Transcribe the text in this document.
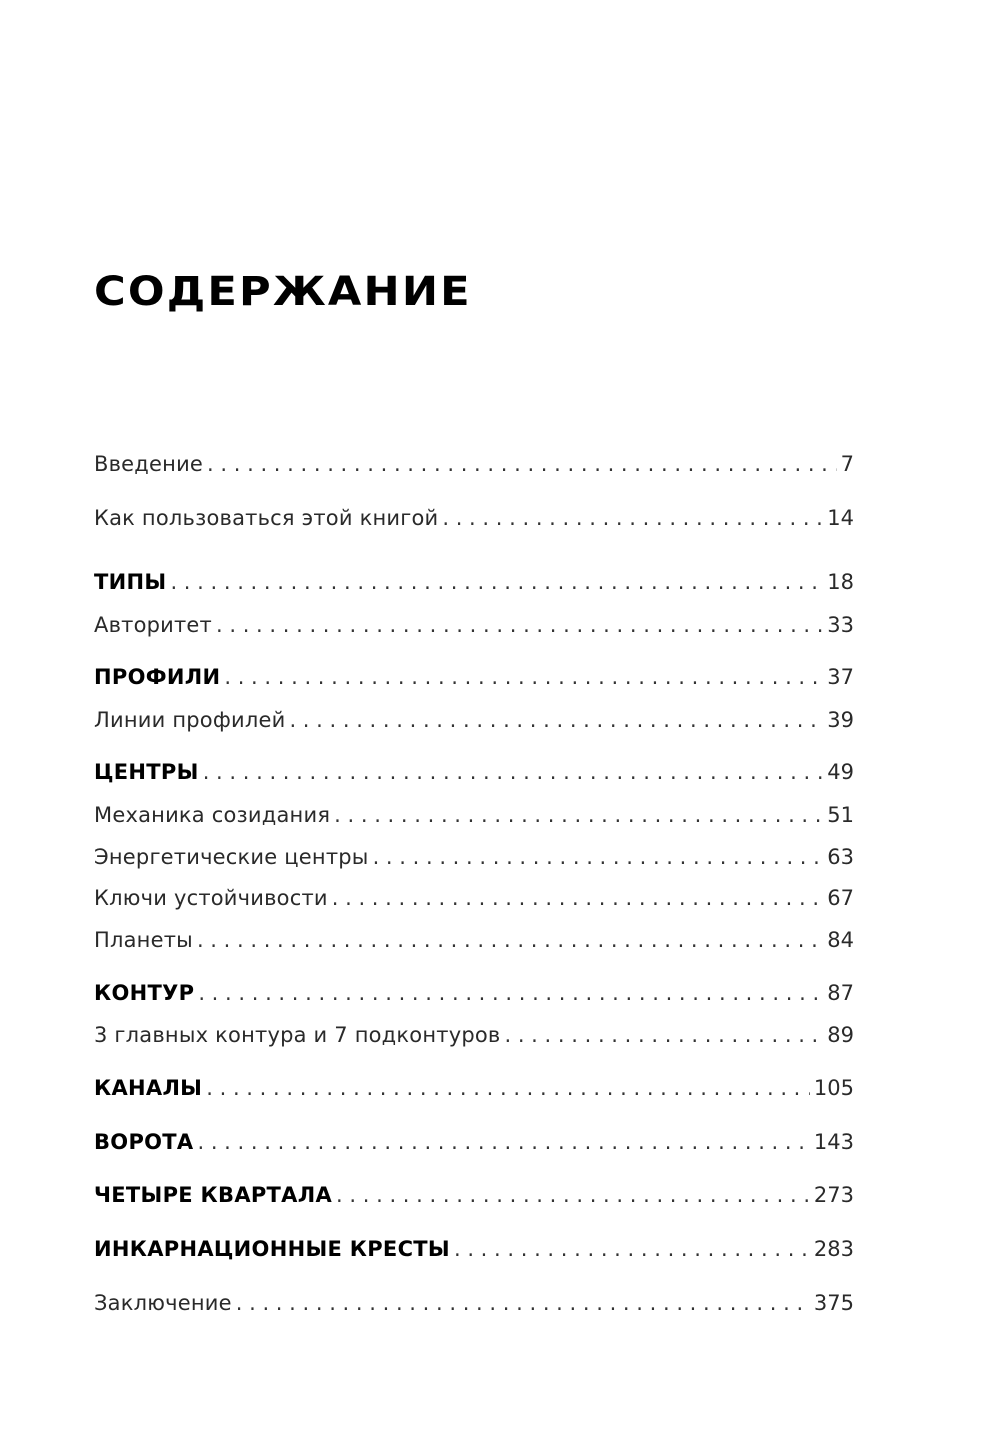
СОДЕРЖАНИЕ
Введение . . .	7
Как пользоваться этой книгой . . .	14
ТИПЫ . . .	18
Авторитет . . .	33
ПРОФИЛИ . . .	37
Линии профилей . . .	39
ЦЕНТРЫ . . .	49
Механика созидания . . .	51
Энергетические центры . . .	63
Ключи устойчивости . . .	67
Планеты . . .	84
КОНТУР . . .	87
3 главных контура и 7 подконтуров . . .	89
КАНАЛЫ . . .	105
ВОРОТА . . .	143
ЧЕТЫРЕ КВАРТАЛА . . .	273
ИНКАРНАЦИОННЫЕ КРЕСТЫ . . .	283
Заключение . . .	375
